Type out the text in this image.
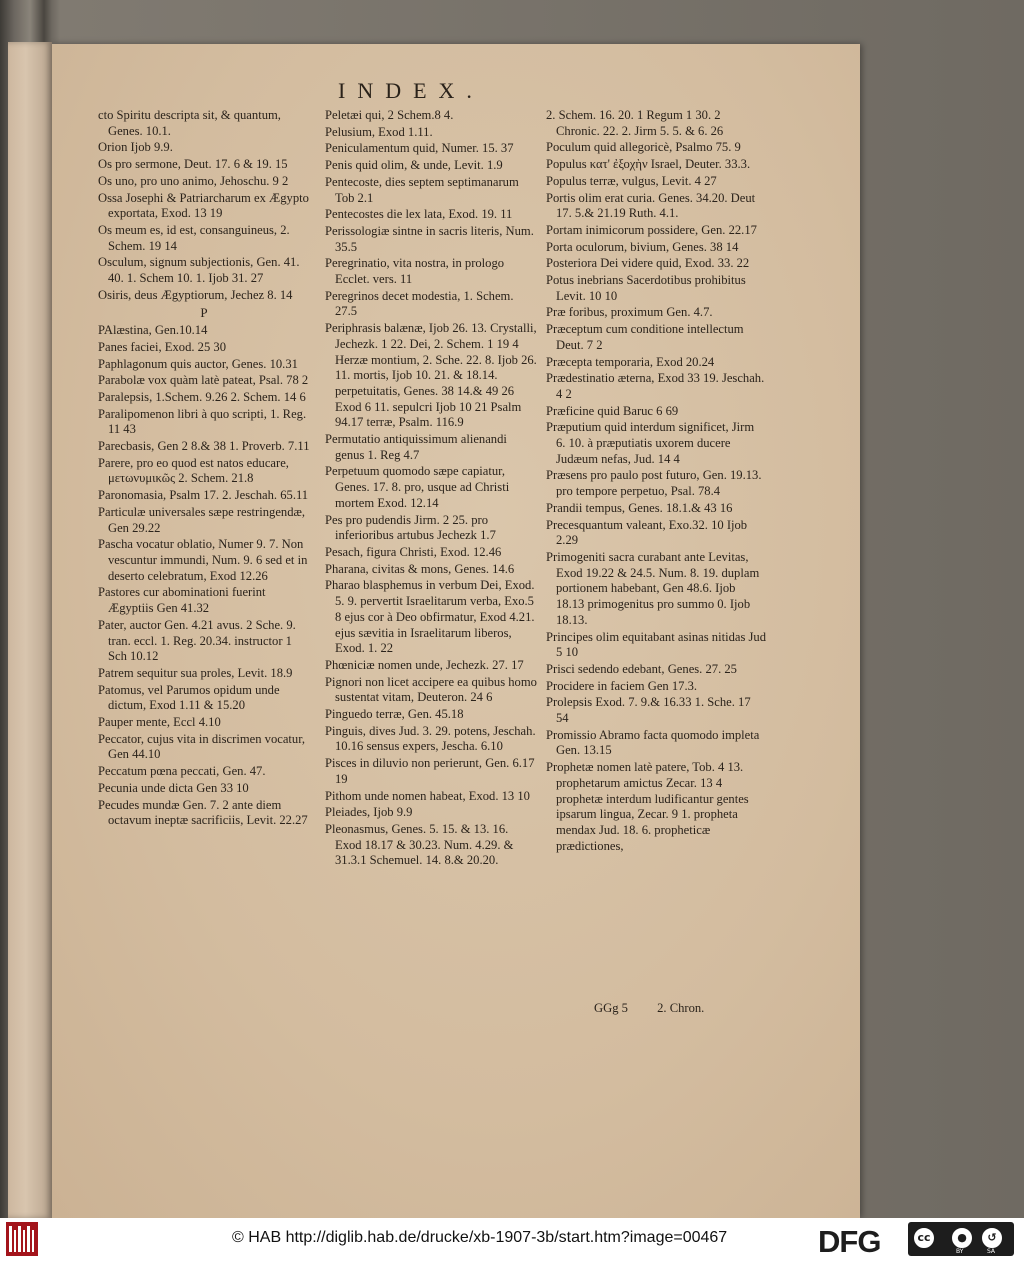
INDEX.
cto Spiritu descripta sit, & quantum, Genes. 10.1.
Orion Ijob 9.9.
Os pro sermone, Deut. 17. 6 & 19. 15
Os uno, pro uno animo, Jehoschu. 9 2
Ossa Josephi & Patriarcharum ex Ægypto exportata, Exod. 13 19
Os meum es, id est, consanguineus, 2. Schem. 19 14
Osculum, signum subjectionis, Gen. 41. 40. 1. Schem 10. 1. Ijob 31. 27
Osiris, deus Ægyptiorum, Jechez 8. 14
P
PAlæstina, Gen.10.14
Panes faciei, Exod. 25 30
Paphlagonum quis auctor, Genes. 10.31
Parabolæ vox quàm latè pateat, Psal. 78 2
Paralepsis, 1.Schem. 9.26 2. Schem. 14 6
Paralipomenon libri à quo scripti, 1. Reg. 11 43
Parecbasis, Gen 2 8.& 38 1. Proverb. 7.11
Parere, pro eo quod est natos educare, μετωνυμικῶς 2. Schem. 21.8
Paronomasia, Psalm 17. 2. Jeschah. 65.11
Particulæ universales sæpe restringendæ, Gen 29.22
Pascha vocatur oblatio, Numer 9. 7. Non vescuntur immundi, Num. 9. 6 sed et in deserto celebratum, Exod 12.26
Pastores cur abominationi fuerint Ægyptiis Gen 41.32
Pater, auctor Gen. 4.21 avus. 2 Sche. 9. tran. eccl. 1. Reg. 20.34. instructor 1 Sch 10.12
Patrem sequitur sua proles, Levit. 18.9
Patomus, vel Parumos opidum unde dictum, Exod 1.11 & 15.20
Pauper mente, Eccl 4.10
Peccator, cujus vita in discrimen vocatur, Gen 44.10
Peccatum pœna peccati, Gen. 47.
Pecunia unde dicta Gen 33 10
Pecudes mundæ Gen. 7. 2 ante diem octavum ineptæ sacrificiis, Levit. 22.27
Peletæi qui, 2 Schem.8 4.
Pelusium, Exod 1.11.
Peniculamentum quid, Numer. 15. 37
Penis quid olim, & unde, Levit. 1.9
Pentecoste, dies septem septimanarum Tob 2.1
Pentecostes die lex lata, Exod. 19. 11
Perissologiæ sintne in sacris literis, Num. 35.5
Peregrinatio, vita nostra, in prologo Ecclet. vers. 11
Peregrinos decet modestia, 1. Schem. 27.5
Periphrasis balænæ, Ijob 26. 13. Crystalli, Jechezk. 1 22. Dei, 2. Schem. 1 19 4 Herzæ montium, 2. Sche. 22. 8. Ijob 26. 11. mortis, Ijob 10. 21. & 18.14. perpetuitatis, Genes. 38 14.& 49 26 Exod 6 11. sepulcri Ijob 10 21 Psalm 94.17 terræ, Psalm. 116.9
Permutatio antiquissimum alienandi genus 1. Reg 4.7
Perpetuum quomodo sæpe capiatur, Genes. 17. 8. pro, usque ad Christi mortem Exod. 12.14
Pes pro pudendis Jirm. 2 25. pro inferioribus artubus Jechezk 1.7
Pesach, figura Christi, Exod. 12.46
Pharana, civitas & mons, Genes. 14.6
Pharao blasphemus in verbum Dei, Exod. 5. 9. pervertit Israelitarum verba, Exo.5 8 ejus cor à Deo obfirmatur, Exod 4.21. ejus sævitia in Israelitarum liberos, Exod. 1. 22
Phœniciæ nomen unde, Jechezk. 27. 17
Pignori non licet accipere ea quibus homo sustentat vitam, Deuteron. 24 6
Pinguedo terræ, Gen. 45.18
Pinguis, dives Jud. 3. 29. potens, Jeschah. 10.16 sensus expers, Jescha. 6.10
Pisces in diluvio non perierunt, Gen. 6.17 19
Pithom unde nomen habeat, Exod. 13 10
Pleiades, Ijob 9.9
Pleonasmus, Genes. 5. 15. & 13. 16. Exod 18.17 & 30.23. Num. 4.29. & 31.3.1 Schemuel. 14. 8.& 20.20.
2. Schem. 16. 20. 1 Regum 1 30. 2 Chronic. 22. 2. Jirm 5. 5. & 6. 26
Poculum quid allegoricè, Psalmo 75. 9
Populus κατ' ἐξοχὴν Israel, Deuter. 33.3.
Populus terræ, vulgus, Levit. 4 27
Portis olim erat curia. Genes. 34.20. Deut 17. 5.& 21.19 Ruth. 4.1.
Portam inimicorum possidere, Gen. 22.17
Porta oculorum, bivium, Genes. 38 14
Posteriora Dei videre quid, Exod. 33. 22
Potus inebrians Sacerdotibus prohibitus Levit. 10 10
Præ foribus, proximum Gen. 4.7.
Præceptum cum conditione intellectum Deut. 7 2
Præcepta temporaria, Exod 20.24
Prædestinatio æterna, Exod 33 19. Jeschah. 4 2
Præficine quid Baruc 6 69
Præputium quid interdum significet, Jirm 6. 10. à præputiatis uxorem ducere Judæum nefas, Jud. 14 4
Præsens pro paulo post futuro, Gen. 19.13. pro tempore perpetuo, Psal. 78.4
Prandii tempus, Genes. 18.1.& 43 16
Precesquantum valeant, Exo.32. 10 Ijob 2.29
Primogeniti sacra curabant ante Levitas, Exod 19.22 & 24.5. Num. 8. 19. duplam portionem habebant, Gen 48.6. Ijob 18.13 primogenitus pro summo 0. Ijob 18.13.
Principes olim equitabant asinas nitidas Jud 5 10
Prisci sedendo edebant, Genes. 27. 25
Procidere in faciem Gen 17.3.
Prolepsis Exod. 7. 9.& 16.33 1. Sche. 17 54
Promissio Abramo facta quomodo impleta Gen. 13.15
Prophetæ nomen latè patere, Tob. 4 13. prophetarum amictus Zecar. 13 4 prophetæ interdum ludificantur gentes ipsarum lingua, Zecar. 9 1. propheta mendax Jud. 18. 6. propheticæ prædictiones,
GGg 5 2. Chron.
© HAB http://diglib.hab.de/drucke/xb-1907-3b/start.htm?image=00467	DFG	cc	●	↺
BY	SA
